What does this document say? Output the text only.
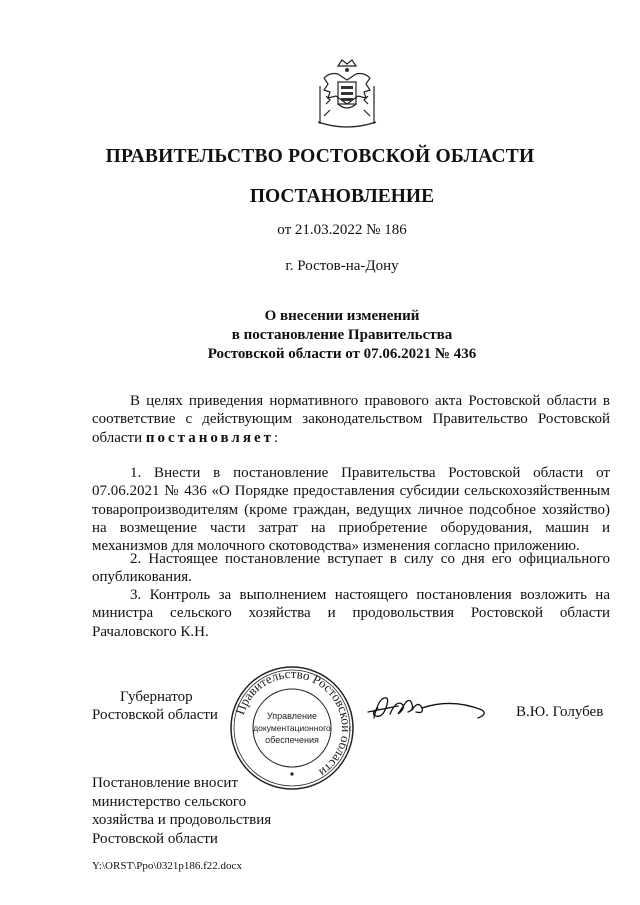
ПРАВИТЕЛЬСТВО РОСТОВСКОЙ ОБЛАСТИ
ПОСТАНОВЛЕНИЕ
от 21.03.2022 № 186
г. Ростов-на-Дону
О внесении изменений
в постановление Правительства
Ростовской области от 07.06.2021 № 436
В целях приведения нормативного правового акта Ростовской области в соответствие с действующим законодательством Правительство Ростовской области постановляет:
1. Внести в постановление Правительства Ростовской области от 07.06.2021 № 436 «О Порядке предоставления субсидии сельскохозяйственным товаропроизводителям (кроме граждан, ведущих личное подсобное хозяйство) на возмещение части затрат на приобретение оборудования, машин и механизмов для молочного скотоводства» изменения согласно приложению.
2. Настоящее постановление вступает в силу со дня его официального опубликования.
3. Контроль за выполнением настоящего постановления возложить на министра сельского хозяйства и продовольствия Ростовской области Рачаловского К.Н.
Губернатор
Ростовской области Правительство Ростовской области
Управление
документационного
обеспечения
В.Ю. Голубев
Постановление вносит
министерство сельского
хозяйства и продовольствия
Ростовской области
Y:\ORST\Ppo\0321p186.f22.docx
